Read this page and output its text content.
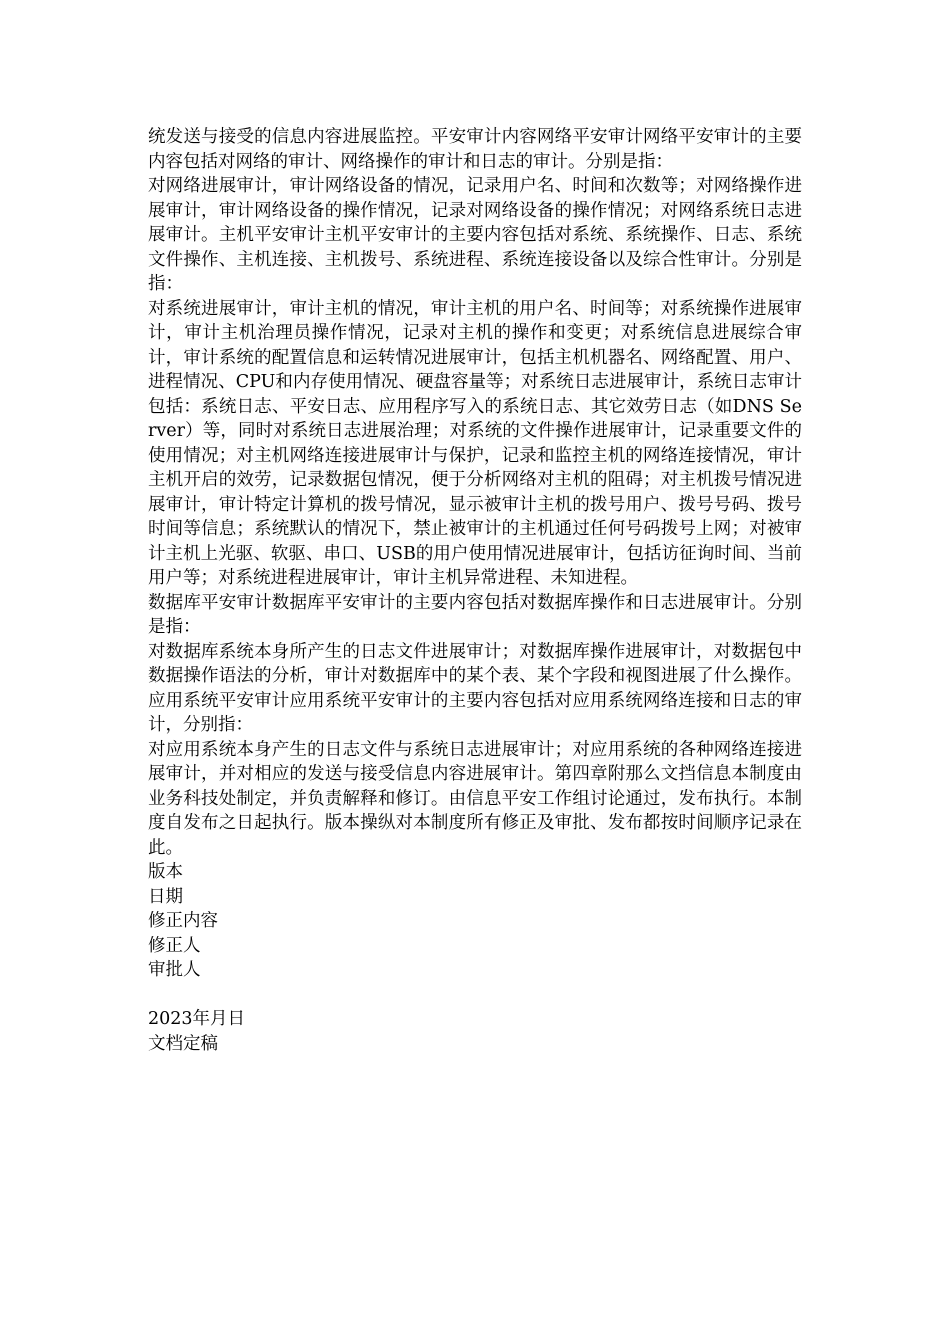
统发送与接受的信息内容进展监控。平安审计内容网络平安审计网络平安审计的主要内容包括对网络的审计、网络操作的审计和日志的审计。分别是指：

对网络进展审计，审计网络设备的情况，记录用户名、时间和次数等；对网络操作进展审计，审计网络设备的操作情况，记录对网络设备的操作情况；对网络系统日志进展审计。主机平安审计主机平安审计的主要内容包括对系统、系统操作、日志、系统文件操作、主机连接、主机拨号、系统进程、系统连接设备以及综合性审计。分别是指：

对系统进展审计，审计主机的情况，审计主机的用户名、时间等；对系统操作进展审计，审计主机治理员操作情况，记录对主机的操作和变更；对系统信息进展综合审计，审计系统的配置信息和运转情况进展审计，包括主机机器名、网络配置、用户、进程情况、CPU和内存使用情况、硬盘容量等；对系统日志进展审计，系统日志审计包括：系统日志、平安日志、应用程序写入的系统日志、其它效劳日志（如DNS Server）等，同时对系统日志进展治理；对系统的文件操作进展审计，记录重要文件的使用情况；对主机网络连接进展审计与保护，记录和监控主机的网络连接情况，审计主机开启的效劳，记录数据包情况，便于分析网络对主机的阻碍；对主机拨号情况进展审计，审计特定计算机的拨号情况，显示被审计主机的拨号用户、拨号号码、拨号时间等信息；系统默认的情况下，禁止被审计的主机通过任何号码拨号上网；对被审计主机上光驱、软驱、串口、USB的用户使用情况进展审计，包括访征询时间、当前用户等；对系统进程进展审计，审计主机异常进程、未知进程。

数据库平安审计数据库平安审计的主要内容包括对数据库操作和日志进展审计。分别是指：

对数据库系统本身所产生的日志文件进展审计；对数据库操作进展审计，对数据包中数据操作语法的分析，审计对数据库中的某个表、某个字段和视图进展了什么操作。应用系统平安审计应用系统平安审计的主要内容包括对应用系统网络连接和日志的审计，分别指：

对应用系统本身产生的日志文件与系统日志进展审计；对应用系统的各种网络连接进展审计，并对相应的发送与接受信息内容进展审计。第四章附那么文挡信息本制度由业务科技处制定，并负责解释和修订。由信息平安工作组讨论通过，发布执行。本制度自发布之日起执行。版本操纵对本制度所有修正及审批、发布都按时间顺序记录在此。

版本

日期

修正内容

修正人

审批人

2023年月日

文档定稿
